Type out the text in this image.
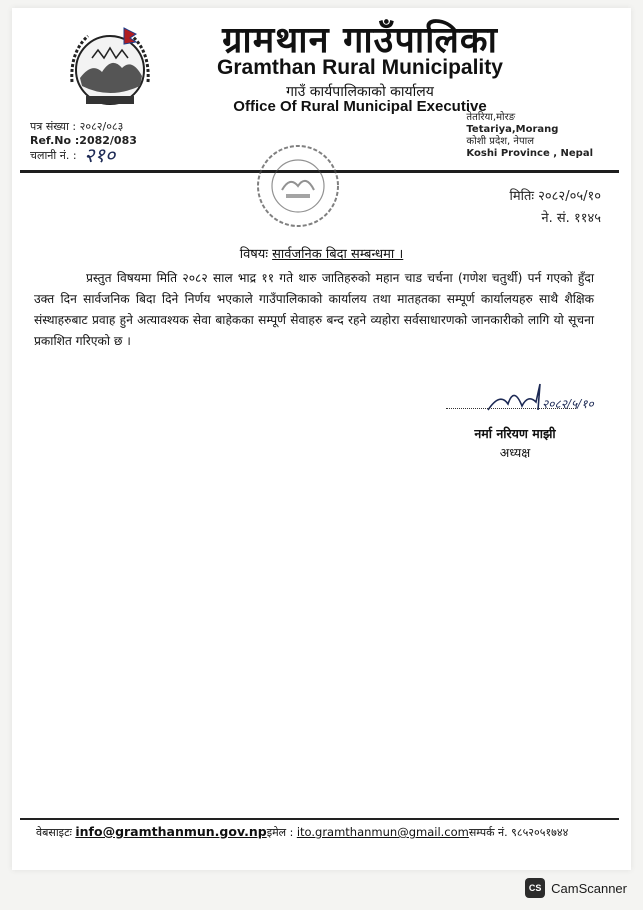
ग्रामथान गाउँपालिका
Gramthan Rural Municipality
गाउँ कार्यपालिकाको कार्यालय
Office Of Rural Municipal Executive
पत्र संख्या : २०८२/०८३
Ref.No :2082/083
चलानी नं. : २१०
तेतरिया,मोरङ
Tetariya,Morang
कोशी प्रदेश, नेपाल
Koshi Province , Nepal
मितिः २०८२/०५/१०
ने. सं. ११४५
विषयः सार्वजनिक बिदा सम्बन्धमा ।
प्रस्तुत विषयमा मिति २०८२ साल भाद्र ११ गते थारु जातिहरुको महान चाड चर्चना (गणेश चतुर्थी) पर्न गएको हुँदा उक्त दिन सार्वजनिक बिदा दिने निर्णय भएकाले गाउँपालिकाको कार्यालय तथा मातहतका सम्पूर्ण कार्यालयहरु साथै शैक्षिक संस्थाहरुबाट प्रवाह हुने अत्यावश्यक सेवा बाहेकका सम्पूर्ण सेवाहरु बन्द रहने व्यहोरा सर्वसाधारणको जानकारीको लागि यो सूचना प्रकाशित गरिएको छ ।
२०८२/५/१०
नर्मा नरियण माझी
अध्यक्ष
वेबसाइटः info@gramthanmun.gov.npइमेल : ito.gramthanmun@gmail.comसम्पर्क नं. ९८५२०५१७४४
CS CamScanner
